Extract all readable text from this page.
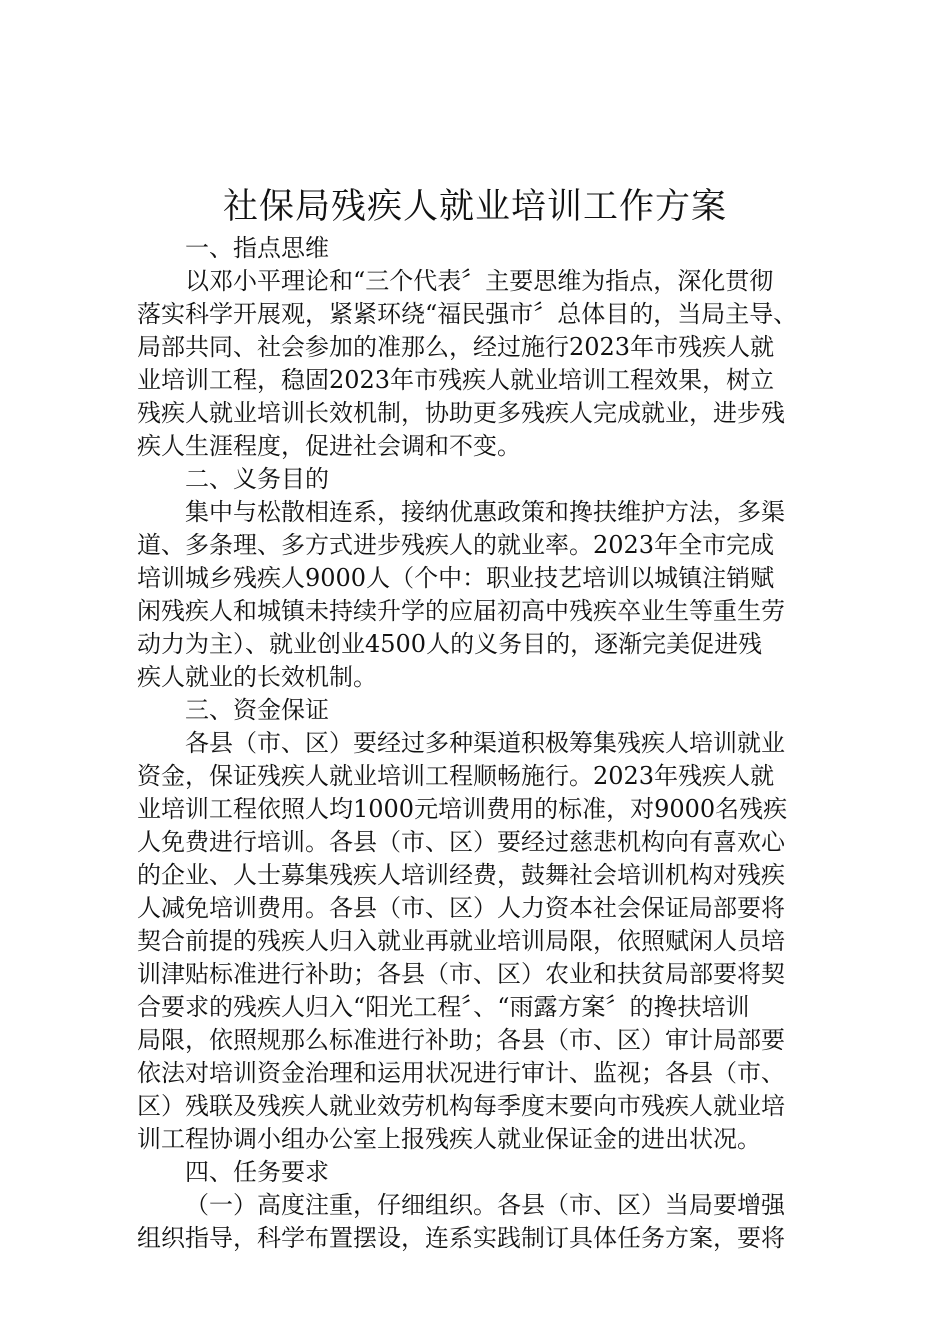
社保局残疾人就业培训工作方案
一、指点思维
以邓小平理论和“三个代表〞主要思维为指点，深化贯彻
落实科学开展观，紧紧环绕“福民强市〞总体目的，当局主导、
局部共同、社会参加的准那么，经过施行2023年市残疾人就
业培训工程，稳固2023年市残疾人就业培训工程效果，树立
残疾人就业培训长效机制，协助更多残疾人完成就业，进步残
疾人生涯程度，促进社会调和不变。
二、义务目的
集中与松散相连系，接纳优惠政策和搀扶维护方法，多渠
道、多条理、多方式进步残疾人的就业率。2023年全市完成
培训城乡残疾人9000人（个中：职业技艺培训以城镇注销赋
闲残疾人和城镇未持续升学的应届初高中残疾卒业生等重生劳
动力为主）、就业创业4500人的义务目的，逐渐完美促进残
疾人就业的长效机制。
三、资金保证
各县（市、区）要经过多种渠道积极筹集残疾人培训就业
资金，保证残疾人就业培训工程顺畅施行。2023年残疾人就
业培训工程依照人均1000元培训费用的标准，对9000名残疾
人免费进行培训。各县（市、区）要经过慈悲机构向有喜欢心
的企业、人士募集残疾人培训经费，鼓舞社会培训机构对残疾
人减免培训费用。各县（市、区）人力资本社会保证局部要将
契合前提的残疾人归入就业再就业培训局限，依照赋闲人员培
训津贴标准进行补助；各县（市、区）农业和扶贫局部要将契
合要求的残疾人归入“阳光工程〞、“雨露方案〞的搀扶培训
局限，依照规那么标准进行补助；各县（市、区）审计局部要
依法对培训资金治理和运用状况进行审计、监视；各县（市、
区）残联及残疾人就业效劳机构每季度末要向市残疾人就业培
训工程协调小组办公室上报残疾人就业保证金的进出状况。
四、任务要求
（一）高度注重，仔细组织。各县（市、区）当局要增强
组织指导，科学布置摆设，连系实践制订具体任务方案，要将
